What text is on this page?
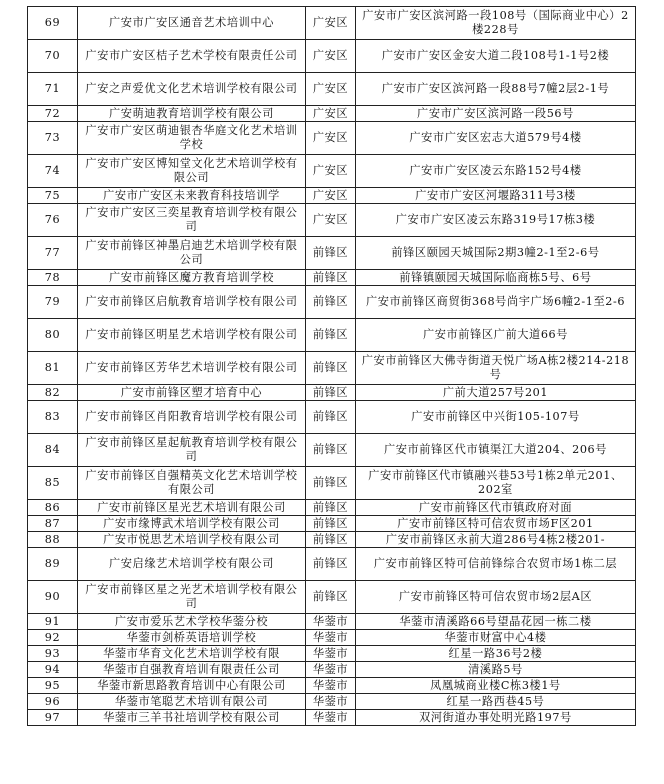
69	广安市广安区通音艺术培训中心	广安区	广安市广安区滨河路一段108号（国际商业中心）2楼228号
70	广安市广安区桔子艺术学校有限责任公司	广安区	广安市广安区金安大道二段108号1-1号2楼
71	广安之声爱优文化艺术培训学校有限公司	广安区	广安市广安区滨河路一段88号7幢2层2-1号
72	广安萌迪教育培训学校有限公司	广安区	广安市广安区滨河路一段56号
73	广安市广安区萌迪银杏华庭文化艺术培训学校	广安区	广安市广安区宏志大道579号4楼
74	广安市广安区博知堂文化艺术培训学校有限公司	广安区	广安市广安区凌云东路152号4楼
75	广安市广安区未来教育科技培训学	广安区	广安市广安区河堰路311号3楼
76	广安市广安区三奕星教育培训学校有限公司	广安区	广安市广安区凌云东路319号17栋3楼
77	广安市前锋区神墨启迪艺术培训学校有限公司	前锋区	前锋区颐园天城国际2期3幢2-1至2-6号
78	广安市前锋区魔方教育培训学校	前锋区	前锋镇颐园天城国际临商栋5号、6号
79	广安市前锋区启航教育培训学校有限公司	前锋区	广安市前锋区商贸街368号尚宇广场6幢2-1至2-6
80	广安市前锋区明星艺术培训学校有限公司	前锋区	广安市前锋区广前大道66号
81	广安市前锋区芳华艺术培训学校有限公司	前锋区	广安市前锋区大佛寺街道天悦广场A栋2楼214-218号
82	广安市前锋区塑才培育中心	前锋区	广前大道257号201
83	广安市前锋区肖阳教育培训学校有限公司	前锋区	广安市前锋区中兴街105-107号
84	广安市前锋区星起航教育培训学校有限公司	前锋区	广安市前锋区代市镇渠江大道204、206号
85	广安市前锋区自强精英文化艺术培训学校有限公司	前锋区	广安市前锋区代市镇融兴巷53号1栋2单元201、202室
86	广安市前锋区星光艺术培训有限公司	前锋区	广安市前锋区代市镇政府对面
87	广安市缘博武术培训学校有限公司	前锋区	广安市前锋区特可信农贸市场F区201
88	广安市悦思艺术培训学校有限公司	前锋区	广安市前锋区永前大道286号4栋2楼201-
89	广安启缘艺术培训学校有限公司	前锋区	广安市前锋区特可信前锋综合农贸市场1栋二层
90	广安市前锋区星之光艺术培训学校有限公司	前锋区	广安市前锋区特可信农贸市场2层A区
91	广安市爱乐艺术学校华蓥分校	华蓥市	华蓥市清溪路66号望晶花园一栋二楼
92	华蓥市剑桥英语培训学校	华蓥市	华蓥市财富中心4楼
93	华蓥市华育文化艺术培训学校有限	华蓥市	红星一路36号2楼
94	华蓥市自强教育培训有限责任公司	华蓥市	清溪路5号
95	华蓥市新思路教育培训中心有限公司	华蓥市	凤凰城商业楼C栋3楼1号
96	华蓥市笔聪艺术培训有限公司	华蓥市	红星一路西巷45号
97	华蓥市三羊书社培训学校有限公司	华蓥市	双河街道办事处明光路197号
